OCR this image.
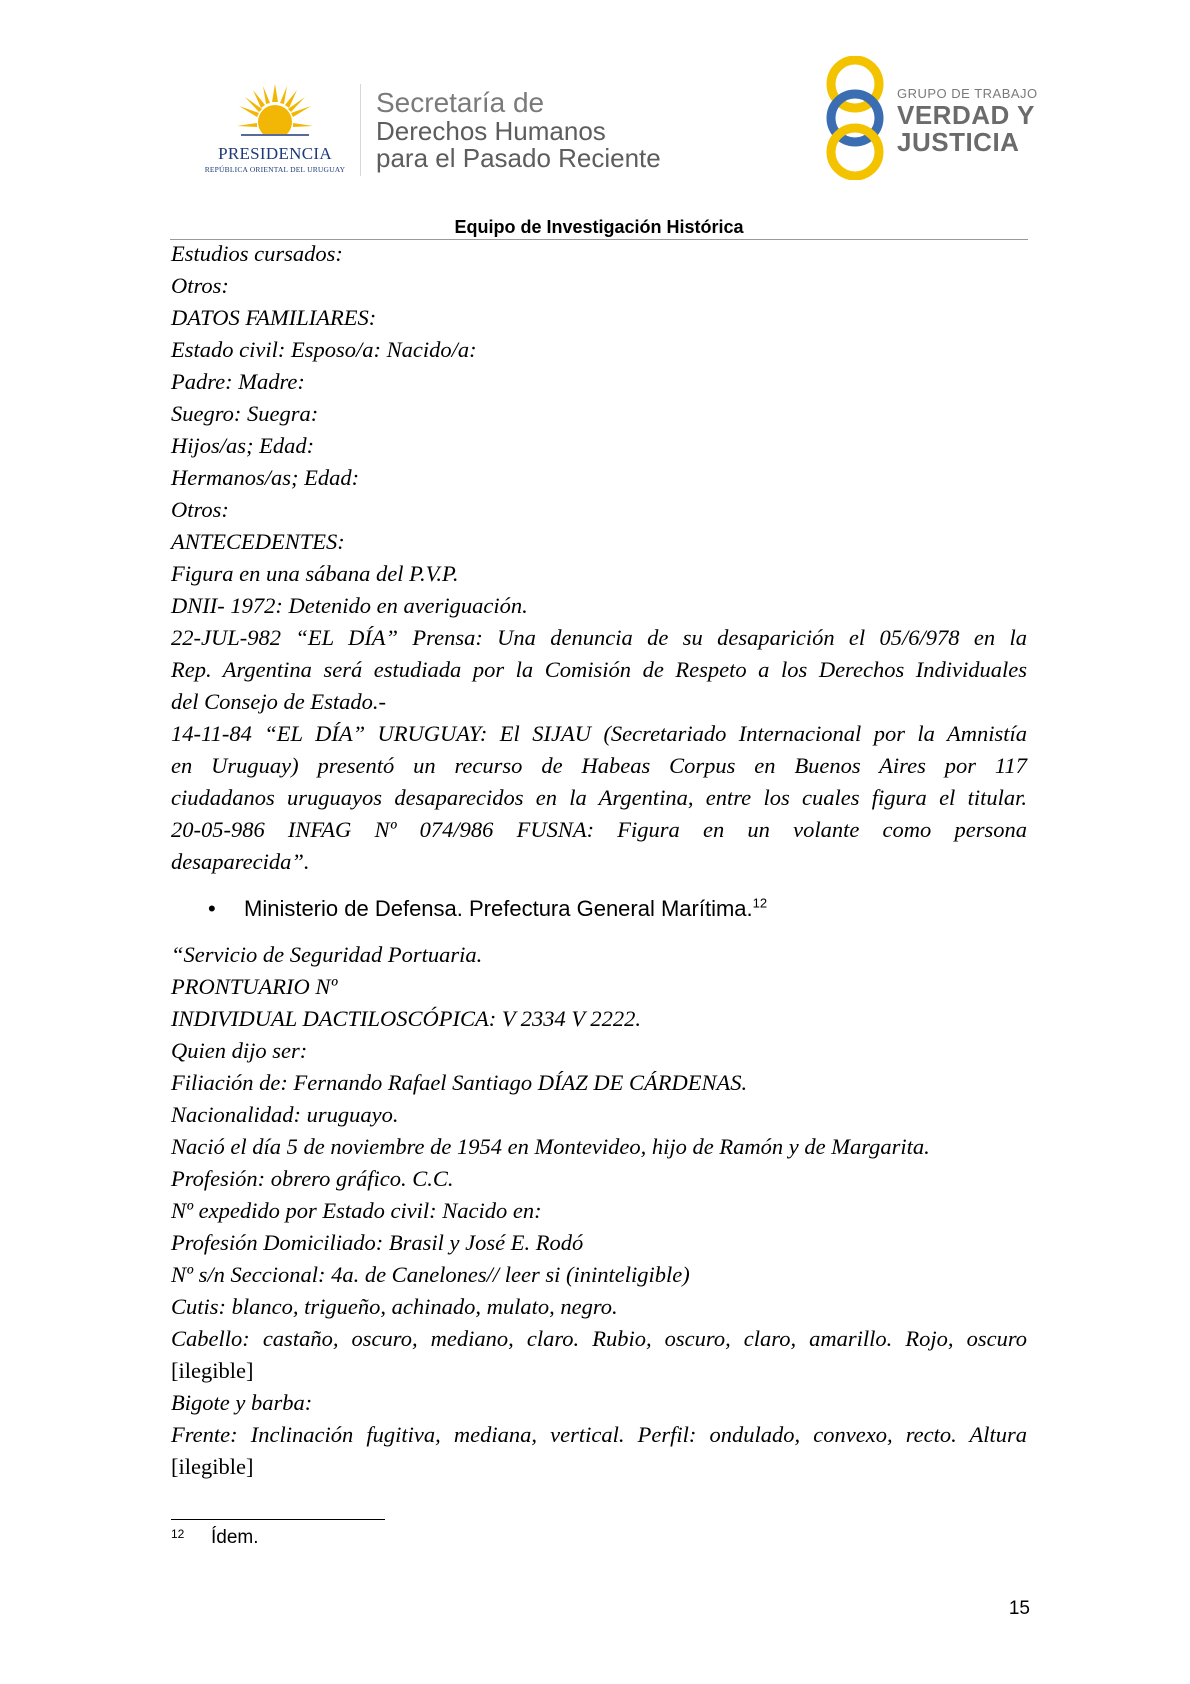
PRESIDENCIA
REPÚBLICA ORIENTAL DEL URUGUAY
Secretaría de
Derechos Humanos
para el Pasado Reciente
GRUPO DE TRABAJO
VERDAD Y
JUSTICIA
Equipo de Investigación Histórica
Estudios cursados:
Otros:
DATOS FAMILIARES:
Estado civil: Esposo/a: Nacido/a:
Padre: Madre:
Suegro: Suegra:
Hijos/as; Edad:
Hermanos/as; Edad:
Otros:
ANTECEDENTES:
Figura en una sábana del P.V.P.
DNII- 1972: Detenido en averiguación.
22-JUL-982 “EL DÍA” Prensa: Una denuncia de su desaparición el 05/6/978 en la
Rep. Argentina será estudiada por la Comisión de Respeto a los Derechos Individuales
del Consejo de Estado.-
14-11-84 “EL DÍA” URUGUAY: El SIJAU (Secretariado Internacional por la Amnistía
en Uruguay) presentó un recurso de Habeas Corpus en Buenos Aires por 117
ciudadanos uruguayos desaparecidos en la Argentina, entre los cuales figura el titular.
20-05-986 INFAG Nº 074/986 FUSNA: Figura en un volante como persona
desaparecida”.
• Ministerio de Defensa. Prefectura General Marítima.$^{12}$
“Servicio de Seguridad Portuaria.
PRONTUARIO Nº
INDIVIDUAL DACTILOSCÓPICA: V 2334 V 2222.
Quien dijo ser:
Filiación de: Fernando Rafael Santiago DÍAZ DE CÁRDENAS.
Nacionalidad: uruguayo.
Nació el día 5 de noviembre de 1954 en Montevideo, hijo de Ramón y de Margarita.
Profesión: obrero gráfico. C.C.
Nº expedido por Estado civil: Nacido en:
Profesión Domiciliado: Brasil y José E. Rodó
Nº s/n Seccional: 4a. de Canelones// leer si (ininteligible)
Cutis: blanco, trigueño, achinado, mulato, negro.
Cabello: castaño, oscuro, mediano, claro. Rubio, oscuro, claro, amarillo. Rojo, oscuro
[ilegible]
Bigote y barba:
Frente: Inclinación fugitiva, mediana, vertical. Perfil: ondulado, convexo, recto. Altura
[ilegible]
12 Ídem.
15
